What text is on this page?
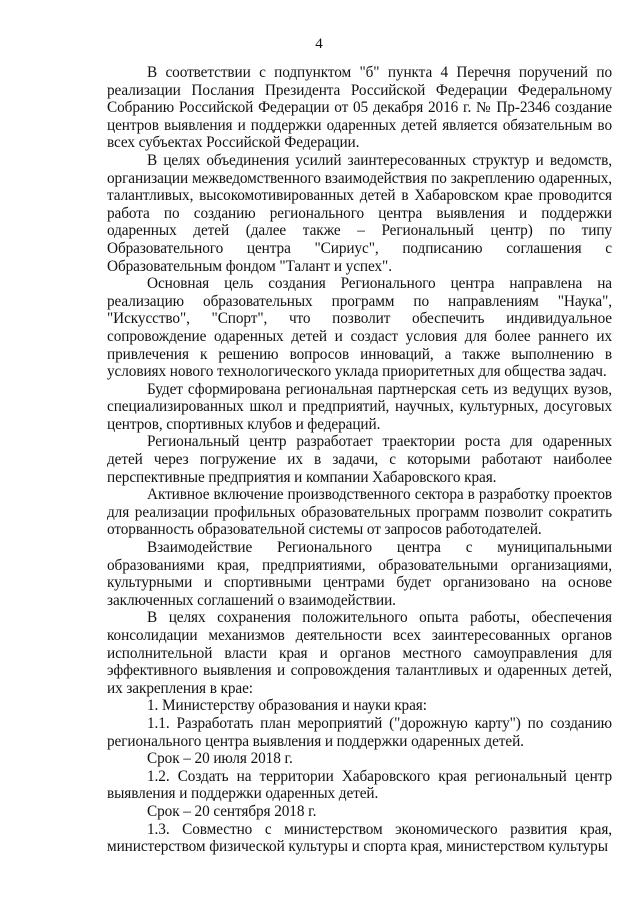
4

В соответствии с подпунктом "б" пункта 4 Перечня поручений по реализации Послания Президента Российской Федерации Федеральному Собранию Российской Федерации от 05 декабря 2016 г. № Пр-2346 создание центров выявления и поддержки одаренных детей является обязательным во всех субъектах Российской Федерации.

В целях объединения усилий заинтересованных структур и ведомств, организации межведомственного взаимодействия по закреплению одаренных, талантливых, высокомотивированных детей в Хабаровском крае проводится работа по созданию регионального центра выявления и поддержки одаренных детей (далее также – Региональный центр) по типу Образовательного центра "Сириус", подписанию соглашения с Образовательным фондом "Талант и успех".

Основная цель создания Регионального центра направлена на реализацию образовательных программ по направлениям "Наука", "Искусство", "Спорт", что позволит обеспечить индивидуальное сопровождение одаренных детей и создаст условия для более раннего их привлечения к решению вопросов инноваций, а также выполнению в условиях нового технологического уклада приоритетных для общества задач.

Будет сформирована региональная партнерская сеть из ведущих вузов, специализированных школ и предприятий, научных, культурных, досуговых центров, спортивных клубов и федераций.

Региональный центр разработает траектории роста для одаренных детей через погружение их в задачи, с которыми работают наиболее перспективные предприятия и компании Хабаровского края.

Активное включение производственного сектора в разработку проектов для реализации профильных образовательных программ позволит сократить оторванность образовательной системы от запросов работодателей.

Взаимодействие Регионального центра с муниципальными образованиями края, предприятиями, образовательными организациями, культурными и спортивными центрами будет организовано на основе заключенных соглашений о взаимодействии.

В целях сохранения положительного опыта работы, обеспечения консолидации механизмов деятельности всех заинтересованных органов исполнительной власти края и органов местного самоуправления для эффективного выявления и сопровождения талантливых и одаренных детей, их закрепления в крае:

1. Министерству образования и науки края:

1.1. Разработать план мероприятий ("дорожную карту") по созданию регионального центра выявления и поддержки одаренных детей.

Срок – 20 июля 2018 г.

1.2. Создать на территории Хабаровского края региональный центр выявления и поддержки одаренных детей.

Срок – 20 сентября 2018 г.

1.3. Совместно с министерством экономического развития края, министерством физической культуры и спорта края, министерством культуры
